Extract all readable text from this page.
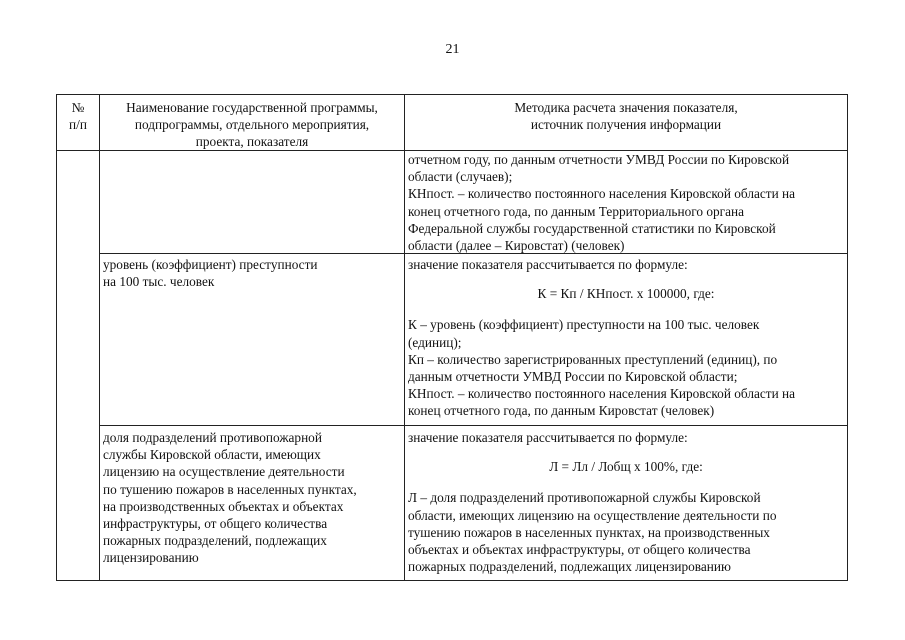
21
№
п/п
Наименование государственной программы,
подпрограммы, отдельного мероприятия,
проекта, показателя
Методика расчета значения показателя,
источник получения информации
отчетном году, по данным отчетности УМВД России по Кировской
области (случаев);
КНпост. – количество постоянного населения Кировской области на
конец отчетного года, по данным Территориального органа
Федеральной службы государственной статистики по Кировской
области (далее – Кировстат) (человек)
уровень (коэффициент) преступности
на 100 тыс. человек
значение показателя рассчитывается по формуле:
К = Кп / КНпост. х 100000, где:
К – уровень (коэффициент) преступности на 100 тыс. человек
(единиц);
Кп – количество зарегистрированных преступлений (единиц), по
данным отчетности УМВД России по Кировской области;
КНпост. – количество постоянного населения Кировской области на
конец отчетного года, по данным Кировстат (человек)
доля подразделений противопожарной
службы Кировской области, имеющих
лицензию на осуществление деятельности
по тушению пожаров в населенных пунктах,
на производственных объектах и объектах
инфраструктуры, от общего количества
пожарных подразделений, подлежащих
лицензированию
значение показателя рассчитывается по формуле:
Л = Лл / Лобщ х 100%, где:
Л – доля подразделений противопожарной службы Кировской
области, имеющих лицензию на осуществление деятельности по
тушению пожаров в населенных пунктах, на производственных
объектах и объектах инфраструктуры, от общего количества
пожарных подразделений, подлежащих лицензированию
